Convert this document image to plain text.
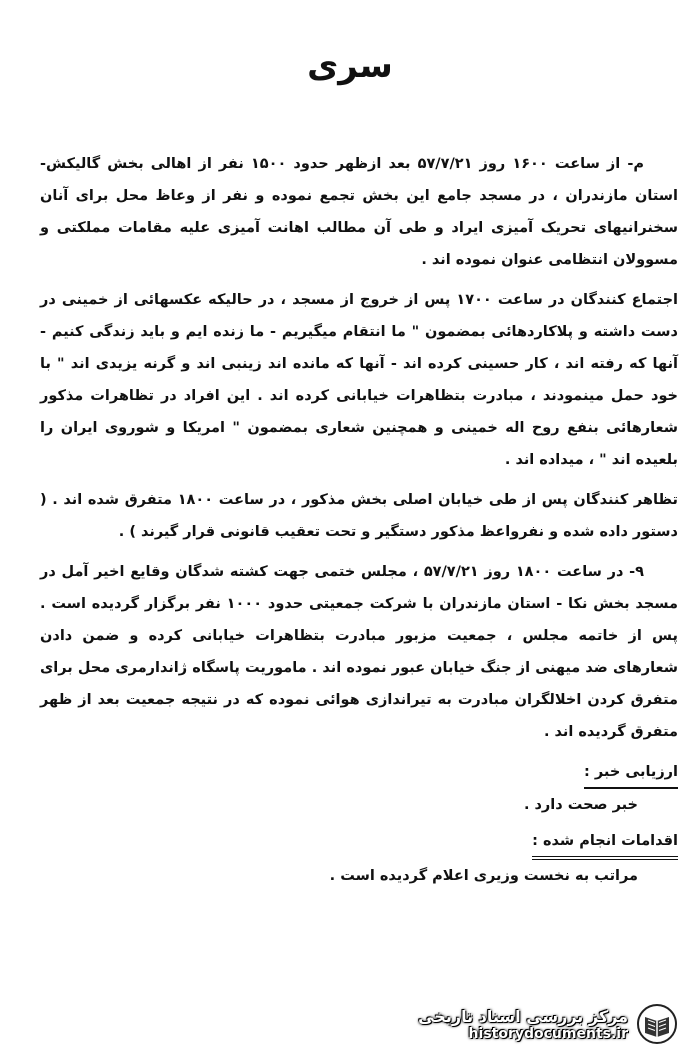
سری

م- از ساعت ۱۶۰۰ روز ۵۷/۷/۲۱ بعد ازظهر حدود ۱۵۰۰ نفر از اهالی بخش گالیکش- استان مازندران ، در مسجد جامع این بخش تجمع نموده و نفر از وعاظ محل برای آنان سخنرانیهای تحریک آمیزی ایراد و طی آن مطالب اهانت آمیزی علیه مقامات مملکتی و مسوولان انتظامی عنوان نموده اند .

اجتماع کنندگان در ساعت ۱۷۰۰ پس از خروج از مسجد ، در حالیکه عکسهائی از خمینی در دست داشته و پلاکاردهائی بمضمون " ما انتقام میگیریم - ما زنده ایم و باید زندگی کنیم - آنها که رفته اند ، کار حسینی کرده اند - آنها که مانده اند زینبی اند و گرنه یزیدی اند " با خود حمل مینمودند ، مبادرت بتظاهرات خیابانی کرده اند . این افراد در تظاهرات مذکور شعارهائی بنفع روح اله خمینی و همچنین شعاری بمضمون " امریکا و شوروی ایران را بلعیده اند " ، میداده اند .

تظاهر کنندگان پس از طی خیابان اصلی بخش مذکور ، در ساعت ۱۸۰۰ متفرق شده اند . ( دستور داده شده و نفرواعظ مذکور دستگیر و تحت تعقیب قانونی قرار گیرند ) .

۹- در ساعت ۱۸۰۰ روز ۵۷/۷/۲۱ ، مجلس ختمی جهت کشته شدگان وقایع اخیر آمل در مسجد بخش نکا - استان مازندران با شرکت جمعیتی حدود ۱۰۰۰ نفر برگزار گردیده است . پس از خاتمه مجلس ، جمعیت مزبور مبادرت بتظاهرات خیابانی کرده و ضمن دادن شعارهای ضد میهنی از جنگ خیابان عبور نموده اند . ماموریت پاسگاه ژاندارمری محل برای متفرق کردن اخلالگران مبادرت به تیراندازی هوائی نموده که در نتیجه جمعیت بعد از ظهر متفرق گردیده اند .

ارزیابی خبر :
خبر صحت دارد .
اقدامات انجام شده :
مراتب به نخست وزیری اعلام گردیده است .
مرکز بررسی اسناد تاریخی
historydocuments.ir
